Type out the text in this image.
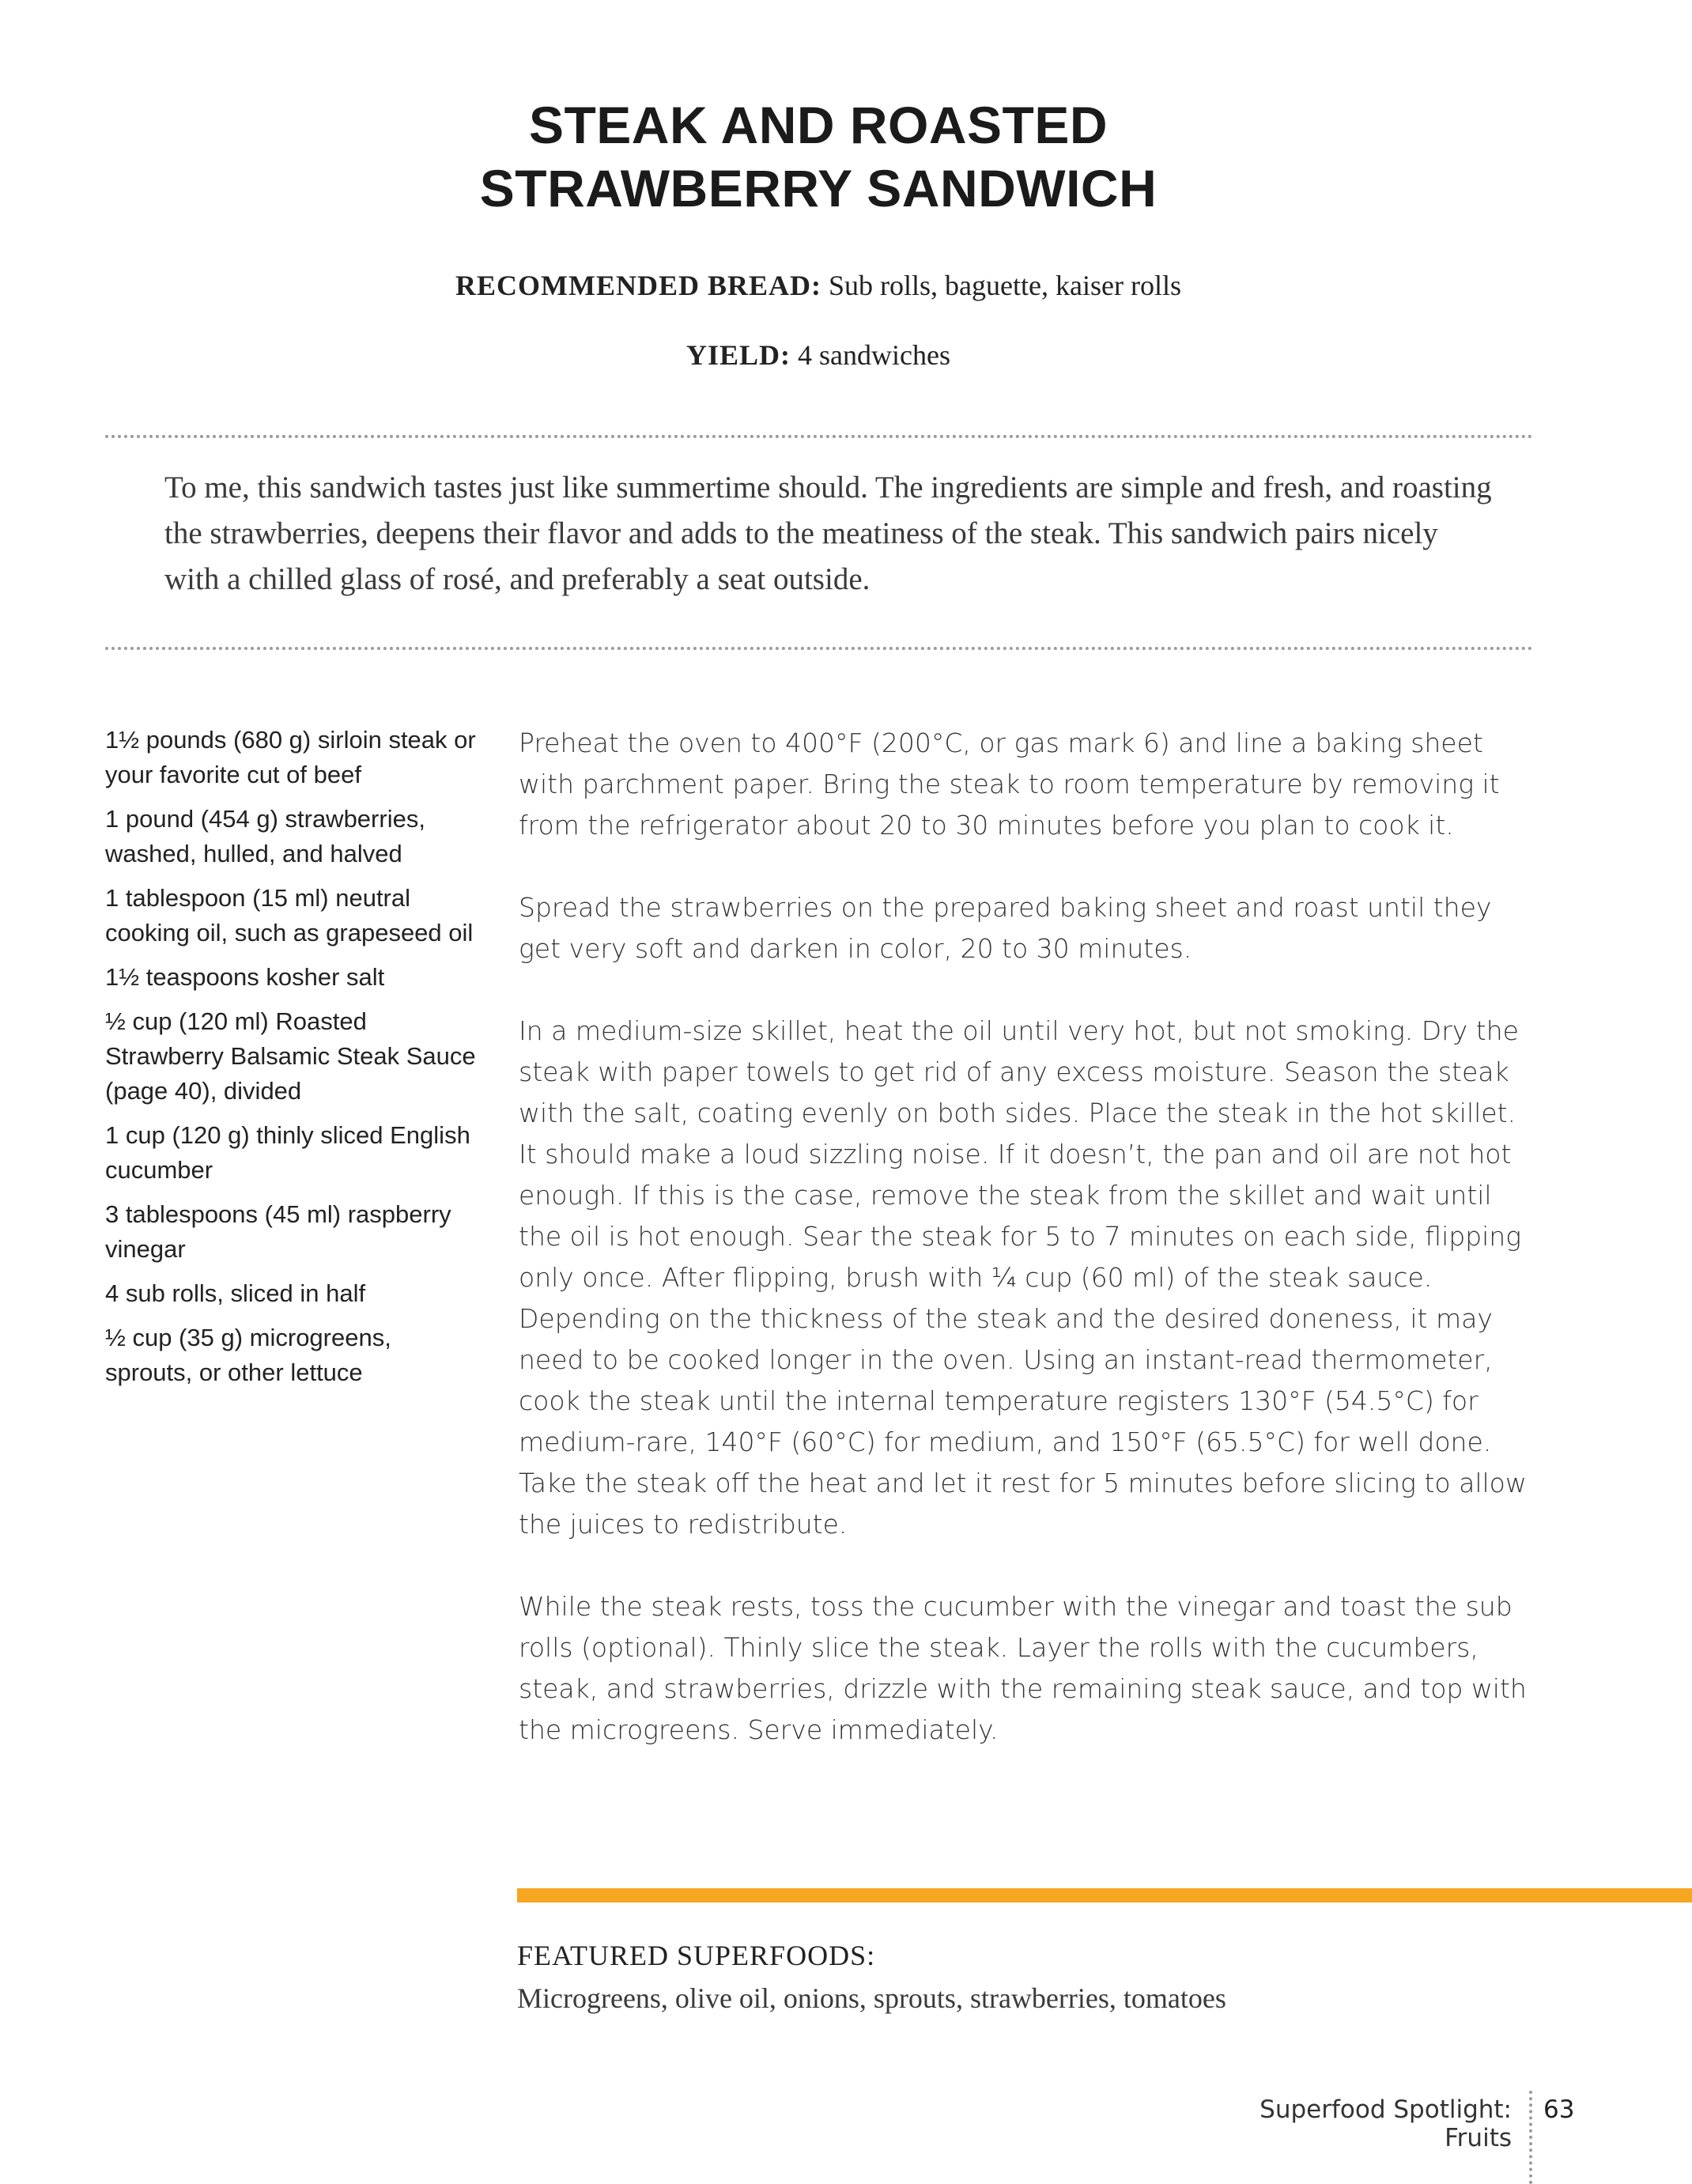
STEAK AND ROASTED
STRAWBERRY SANDWICH
RECOMMENDED BREAD: Sub rolls, baguette, kaiser rolls
YIELD: 4 sandwiches

To me, this sandwich tastes just like summertime should. The ingredients are simple and fresh, and roasting the strawberries, deepens their flavor and adds to the meatiness of the steak. This sandwich pairs nicely with a chilled glass of rosé, and preferably a seat outside.

1½ pounds (680 g) sirloin steak or your favorite cut of beef
1 pound (454 g) strawberries, washed, hulled, and halved
1 tablespoon (15 ml) neutral cooking oil, such as grapeseed oil
1½ teaspoons kosher salt
½ cup (120 ml) Roasted Strawberry Balsamic Steak Sauce (page 40), divided
1 cup (120 g) thinly sliced English cucumber
3 tablespoons (45 ml) raspberry vinegar
4 sub rolls, sliced in half
½ cup (35 g) microgreens, sprouts, or other lettuce

Preheat the oven to 400°F (200°C, or gas mark 6) and line a baking sheet with parchment paper. Bring the steak to room temperature by removing it from the refrigerator about 20 to 30 minutes before you plan to cook it.

Spread the strawberries on the prepared baking sheet and roast until they get very soft and darken in color, 20 to 30 minutes.

In a medium-size skillet, heat the oil until very hot, but not smoking. Dry the steak with paper towels to get rid of any excess moisture. Season the steak with the salt, coating evenly on both sides. Place the steak in the hot skillet. It should make a loud sizzling noise. If it doesn’t, the pan and oil are not hot enough. If this is the case, remove the steak from the skillet and wait until the oil is hot enough. Sear the steak for 5 to 7 minutes on each side, flipping only once. After flipping, brush with ¼ cup (60 ml) of the steak sauce. Depending on the thickness of the steak and the desired doneness, it may need to be cooked longer in the oven. Using an instant-read thermometer, cook the steak until the internal temperature registers 130°F (54.5°C) for medium-rare, 140°F (60°C) for medium, and 150°F (65.5°C) for well done. Take the steak off the heat and let it rest for 5 minutes before slicing to allow the juices to redistribute.

While the steak rests, toss the cucumber with the vinegar and toast the sub rolls (optional). Thinly slice the steak. Layer the rolls with the cucumbers, steak, and strawberries, drizzle with the remaining steak sauce, and top with the microgreens. Serve immediately.

FEATURED SUPERFOODS:

Microgreens, olive oil, onions, sprouts, strawberries, tomatoes

Superfood Spotlight: Fruits
63
